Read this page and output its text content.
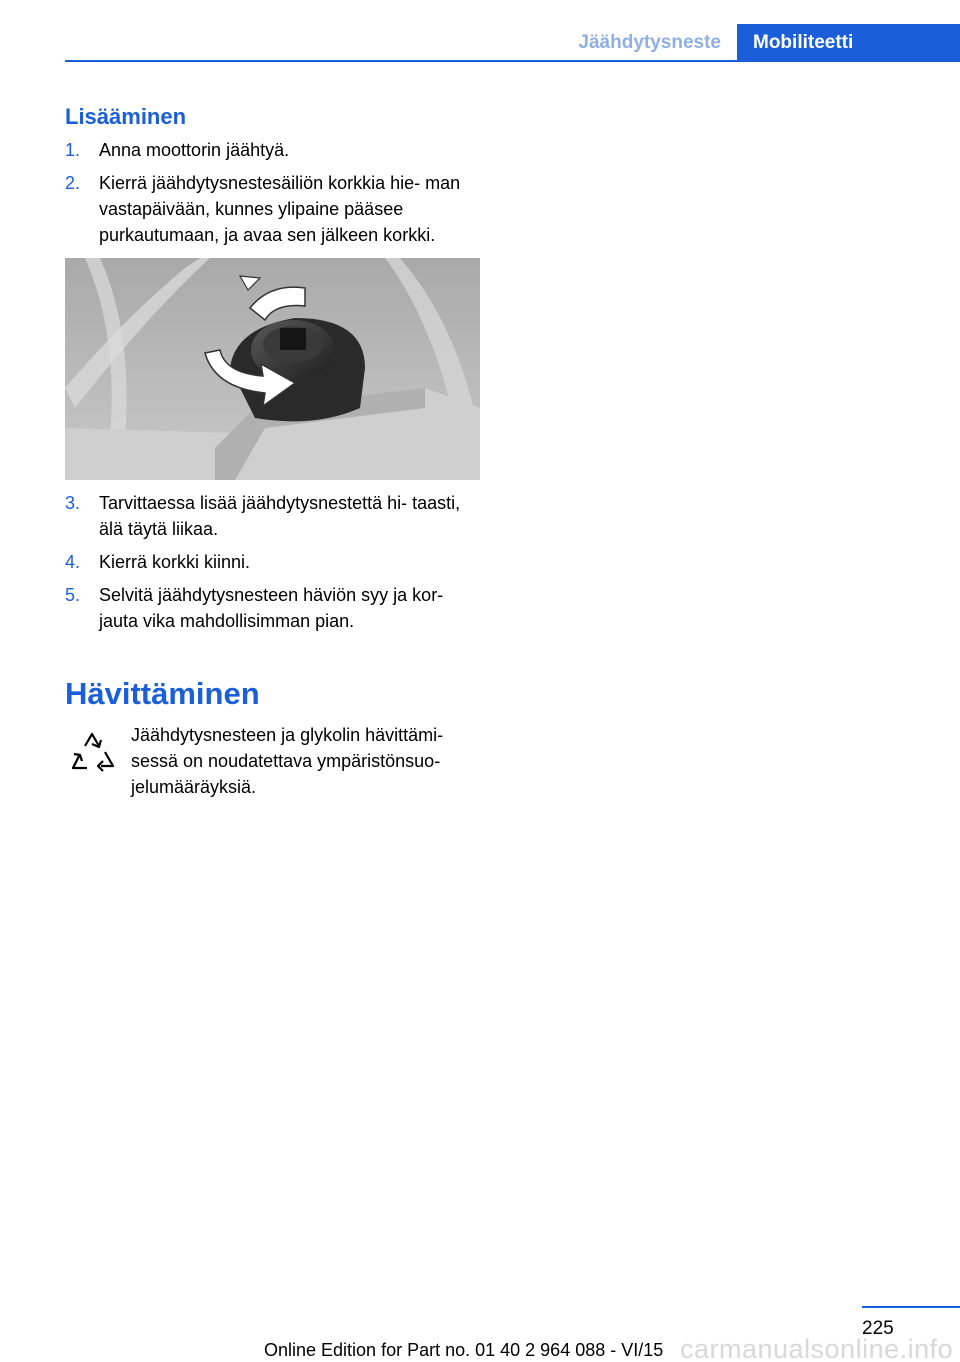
Jäähdytysneste	Mobiliteetti
Lisääminen
1. Anna moottorin jäähtyä.
2. Kierrä jäähdytysnestesäiliön korkkia hie‐ man vastapäivään, kunnes ylipaine pääsee purkautumaan, ja avaa sen jälkeen korkki.
3. Tarvittaessa lisää jäähdytysnestettä hi‐ taasti, älä täytä liikaa.
4. Kierrä korkki kiinni.
5. Selvitä jäähdytysnesteen häviön syy ja kor‐ jauta vika mahdollisimman pian.
Hävittäminen
Jäähdytysnesteen ja glykolin hävittämi‐ sessä on noudatettava ympäristönsuo‐ jelumääräyksiä.
225
carmanualsonline.info
Online Edition for Part no. 01 40 2 964 088 - VI/15
